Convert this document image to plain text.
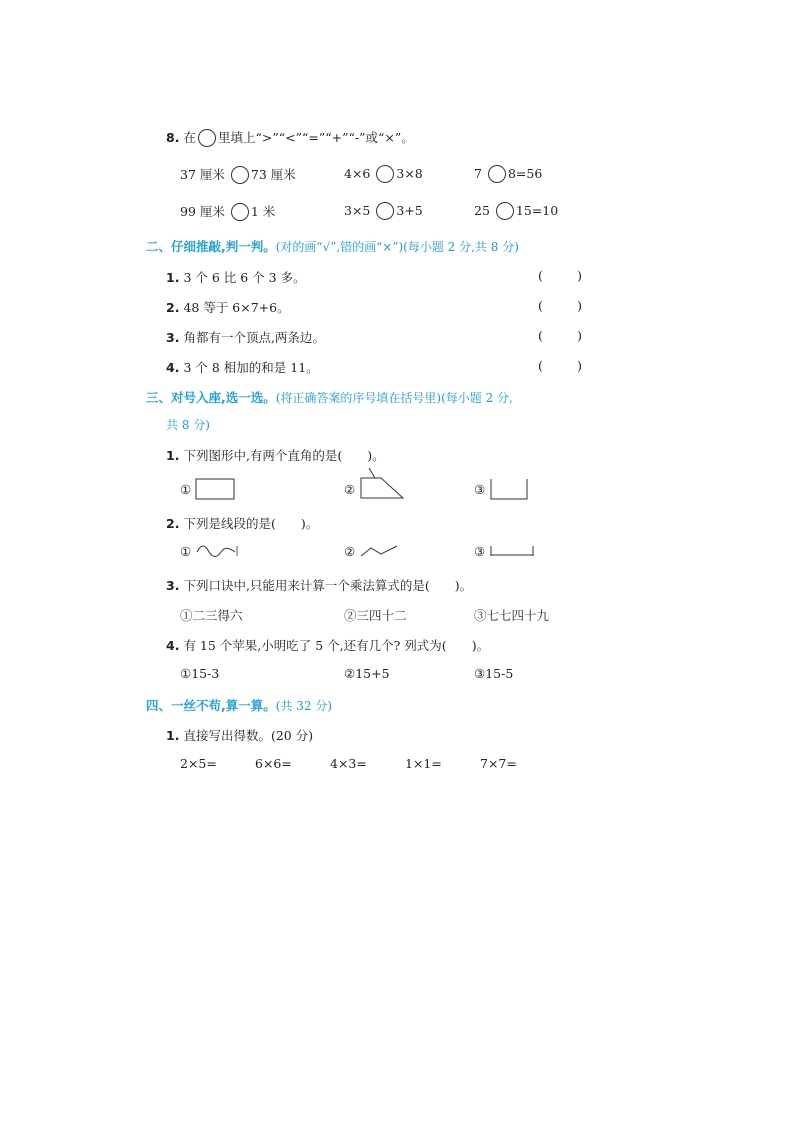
8. 在 里填上“>”“<”“=”“+”“-”或“×”。
37 厘米 73 厘米	4×6 3×8	7 8=56
99 厘米 1 米	3×5 3+5	25 15=10
二、仔细推敲,判一判。(对的画“√”,错的画“×”)(每小题 2 分,共 8 分)
1. 3 个 6 比 6 个 3 多。	(	)
2. 48 等于 6×7+6。	(	)
3. 角都有一个顶点,两条边。	(	)
4. 3 个 8 相加的和是 11。	(	)
三、对号入座,选一选。(将正确答案的序号填在括号里)(每小题 2 分,
共 8 分)
1. 下列图形中,有两个直角的是(　　)。
①	②	③
2. 下列是线段的是(　　)。
①	②	③
3. 下列口诀中,只能用来计算一个乘法算式的是(　　)。
①二三得六	②三四十二	③七七四十九
4. 有 15 个苹果,小明吃了 5 个,还有几个? 列式为(　　)。
①15-3	②15+5	③15-5
四、一丝不苟,算一算。(共 32 分)
1. 直接写出得数。(20 分)
2×5=	6×6=	4×3=	1×1=	7×7=
